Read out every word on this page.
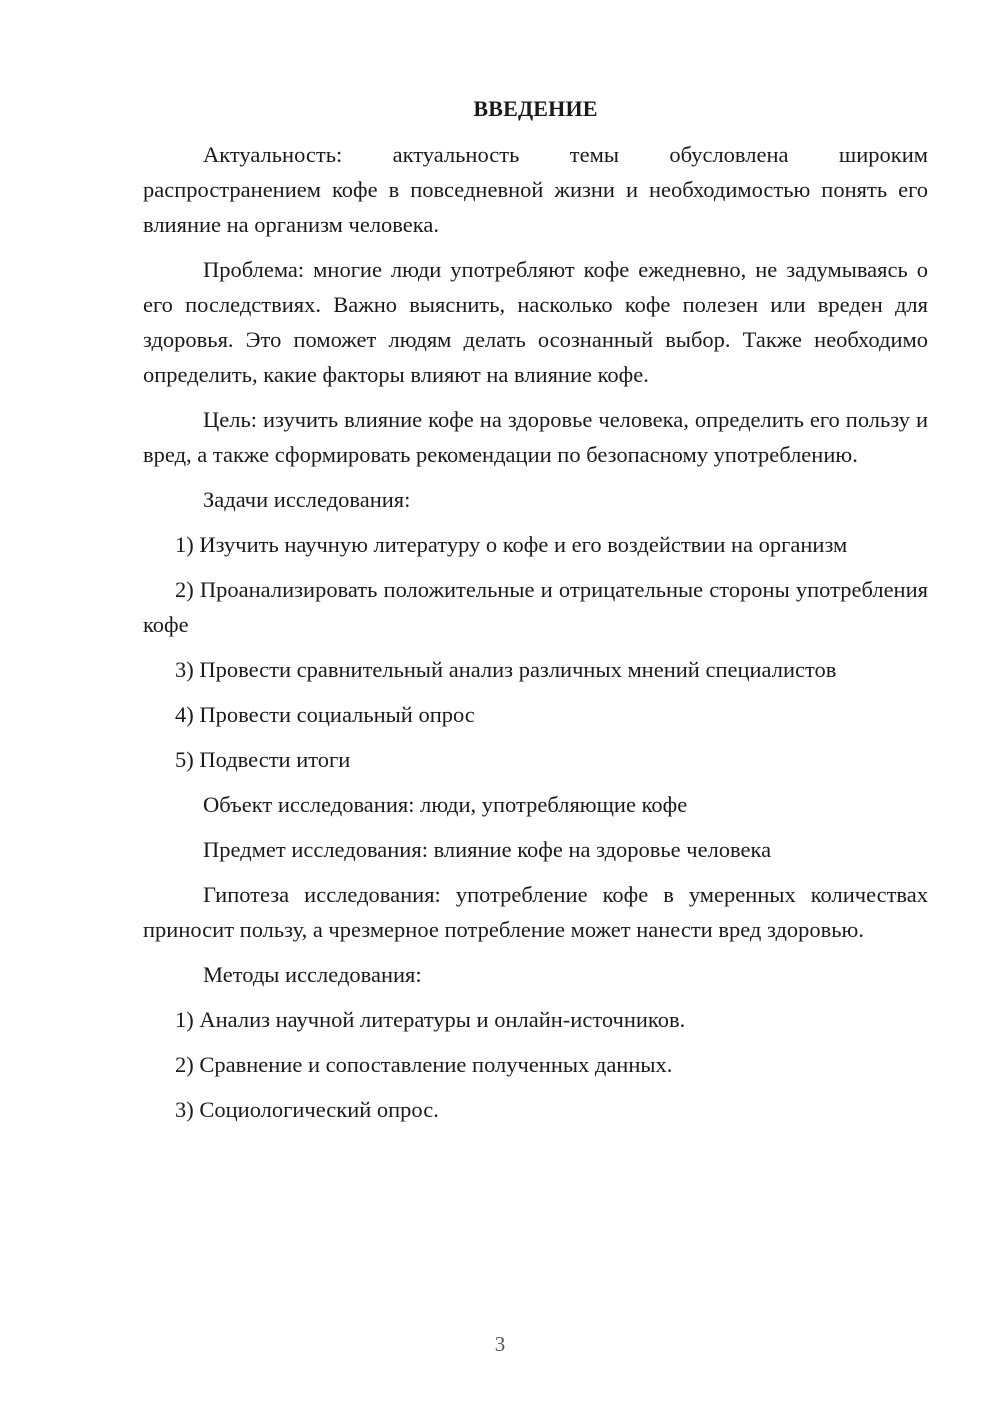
ВВЕДЕНИЕ

Актуальность: актуальность темы обусловлена широким распространением кофе в повседневной жизни и необходимостью понять его влияние на организм человека.

Проблема: многие люди употребляют кофе ежедневно, не задумываясь о его последствиях. Важно выяснить, насколько кофе полезен или вреден для здоровья. Это поможет людям делать осознанный выбор. Также необходимо определить, какие факторы влияют на влияние кофе.

Цель: изучить влияние кофе на здоровье человека, определить его пользу и вред, а также сформировать рекомендации по безопасному употреблению.

Задачи исследования:

1) Изучить научную литературу о кофе и его воздействии на организм

2) Проанализировать положительные и отрицательные стороны употребления кофе

3) Провести сравнительный анализ различных мнений специалистов

4) Провести социальный опрос

5) Подвести итоги

Объект исследования: люди, употребляющие кофе

Предмет исследования: влияние кофе на здоровье человека

Гипотеза исследования: употребление кофе в умеренных количествах приносит пользу, а чрезмерное потребление может нанести вред здоровью.

Методы исследования:

1) Анализ научной литературы и онлайн-источников.

2) Сравнение и сопоставление полученных данных.

3) Социологический опрос.

3
